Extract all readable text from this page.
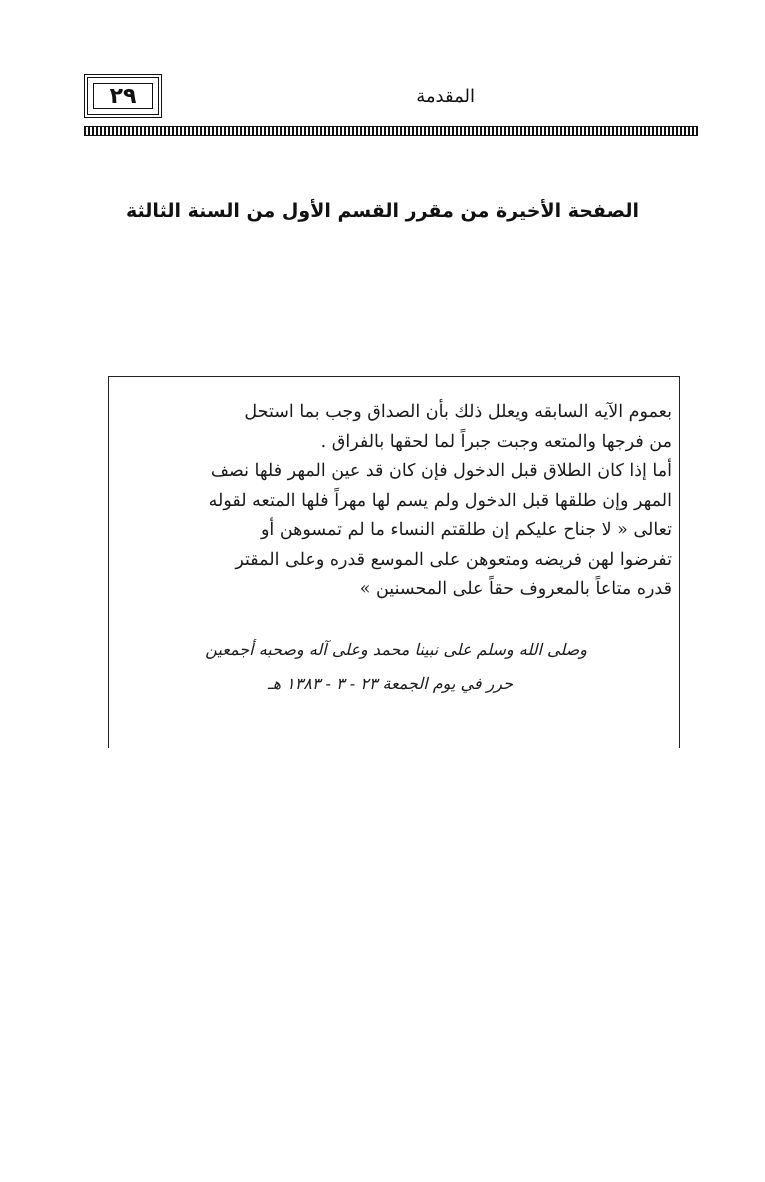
٢٩	المقدمة
الصفحة الأخيرة من مقرر القسم الأول من السنة الثالثة
بعموم الآيه السابقه ويعلل ذلك بأن الصداق وجب بما استحل
من فرجها والمتعه وجبت جبراً لما لحقها بالفراق .
أما إذا كان الطلاق قبل الدخول فإن كان قد عين المهر فلها نصف
المهر وإن طلقها قبل الدخول ولم يسم لها مهراً فلها المتعه لقوله
تعالى « لا جناح عليكم إن طلقتم النساء ما لم تمسوهن أو
تفرضوا لهن فريضه ومتعوهن على الموسع قدره وعلى المقتر
قدره متاعاً بالمعروف حقاً على المحسنين »
وصلى الله وسلم على نبينا محمد وعلى آله وصحبه أجمعين
حرر في يوم الجمعة ٢٣ - ٣ - ١٣٨٣ هـ
